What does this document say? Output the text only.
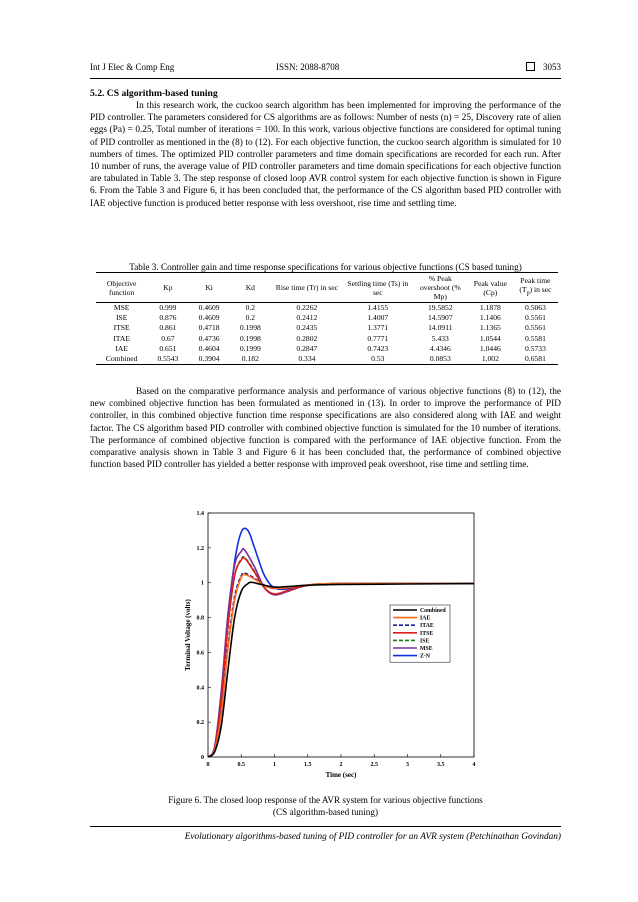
Int J Elec & Comp Eng	ISSN: 2088-8708	3053
5.2. CS algorithm-based tuning

In this research work, the cuckoo search algorithm has been implemented for improving the performance of the PID controller. The parameters considered for CS algorithms are as follows: Number of nests (n) = 25, Discovery rate of alien eggs (Pa) = 0.25, Total number of iterations = 100. In this work, various objective functions are considered for optimal tuning of PID controller as mentioned in the (8) to (12). For each objective function, the cuckoo search algorithm is simulated for 10 numbers of times. The optimized PID controller parameters and time domain specifications are recorded for each run. After 10 number of runs, the average value of PID controller parameters and time domain specifications for each objective function are tabulated in Table 3. The step response of closed loop AVR control system for each objective function is shown in Figure 6. From the Table 3 and Figure 6, it has been concluded that, the performance of the CS algorithm based PID controller with IAE objective function is produced better response with less overshoot, rise time and settling time.

Table 3. Controller gain and time response specifications for various objective functions (CS based tuning)
Objective function	Kp	Ki	Kd	Rise time (Tr) in sec	Settling time (Ts) in sec	% Peak overshoot (% Mp)	Peak value (Cp)	Peak time $(T_p)$ in sec
MSE	0.999	0.4609	0.2	0.2262	1.4155	19.5852	1.1878	0.5063
ISE	0.876	0.4609	0.2	0.2412	1.4007	14.5907	1.1406	0.5561
ITSE	0.861	0.4718	0.1998	0.2435	1.3771	14.0911	1.1365	0.5561
ITAE	0.67	0.4736	0.1998	0.2802	0.7771	5.433	1.0544	0.5581
IAE	0.651	0.4604	0.1999	0.2847	0.7423	4.4346	1.0446	0.5733
Combined	0.5543	0.3904	0.182	0.334	0.53	0.0853	1.002	0.6581

Based on the comparative performance analysis and performance of various objective functions (8) to (12), the new combined objective function has been formulated as mentioned in (13). In order to improve the performance of PID controller, in this combined objective function time response specifications are also considered along with IAE and weight factor. The CS algorithm based PID controller with combined objective function is simulated for the 10 number of iterations. The performance of combined objective function is compared with the performance of IAE objective function. From the comparative analysis shown in Table 3 and Figure 6 it has been concluded that, the performance of combined objective function based PID controller has yielded a better response with improved peak overshoot, rise time and settling time.

0	0.5	1	1.5	2	2.5	3	3.5	4
0
0.2
0.4
0.6
0.8
1
1.2
1.4
Time (sec)
Terminal Voltage (volts)	Combined
IAE
ITAE
ITSE
ISE
MSE
Z-N
Figure 6. The closed loop response of the AVR system for various objective functions
(CS algorithm-based tuning)
Evolutionary algorithms-based tuning of PID controller for an AVR system (Petchinathan Govindan)
